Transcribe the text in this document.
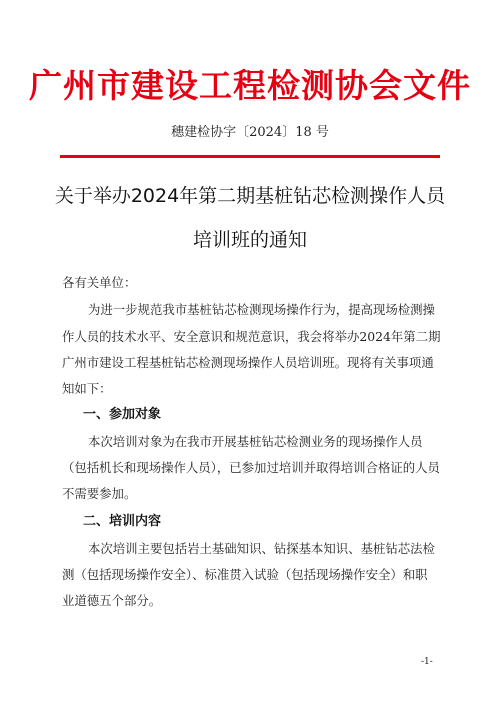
广州市建设工程检测协会文件
穗建检协字〔2024〕18 号
关于举办2024年第二期基桩钻芯检测操作人员
培训班的通知
各有关单位：
为进一步规范我市基桩钻芯检测现场操作行为，提高现场检测操
作人员的技术水平、安全意识和规范意识，我会将举办2024年第二期
广州市建设工程基桩钻芯检测现场操作人员培训班。现将有关事项通
知如下：
一、参加对象
本次培训对象为在我市开展基桩钻芯检测业务的现场操作人员
（包括机长和现场操作人员），已参加过培训并取得培训合格证的人员
不需要参加。
二、培训内容
本次培训主要包括岩土基础知识、钻探基本知识、基桩钻芯法检
测（包括现场操作安全）、标准贯入试验（包括现场操作安全）和职
业道德五个部分。
-1-
